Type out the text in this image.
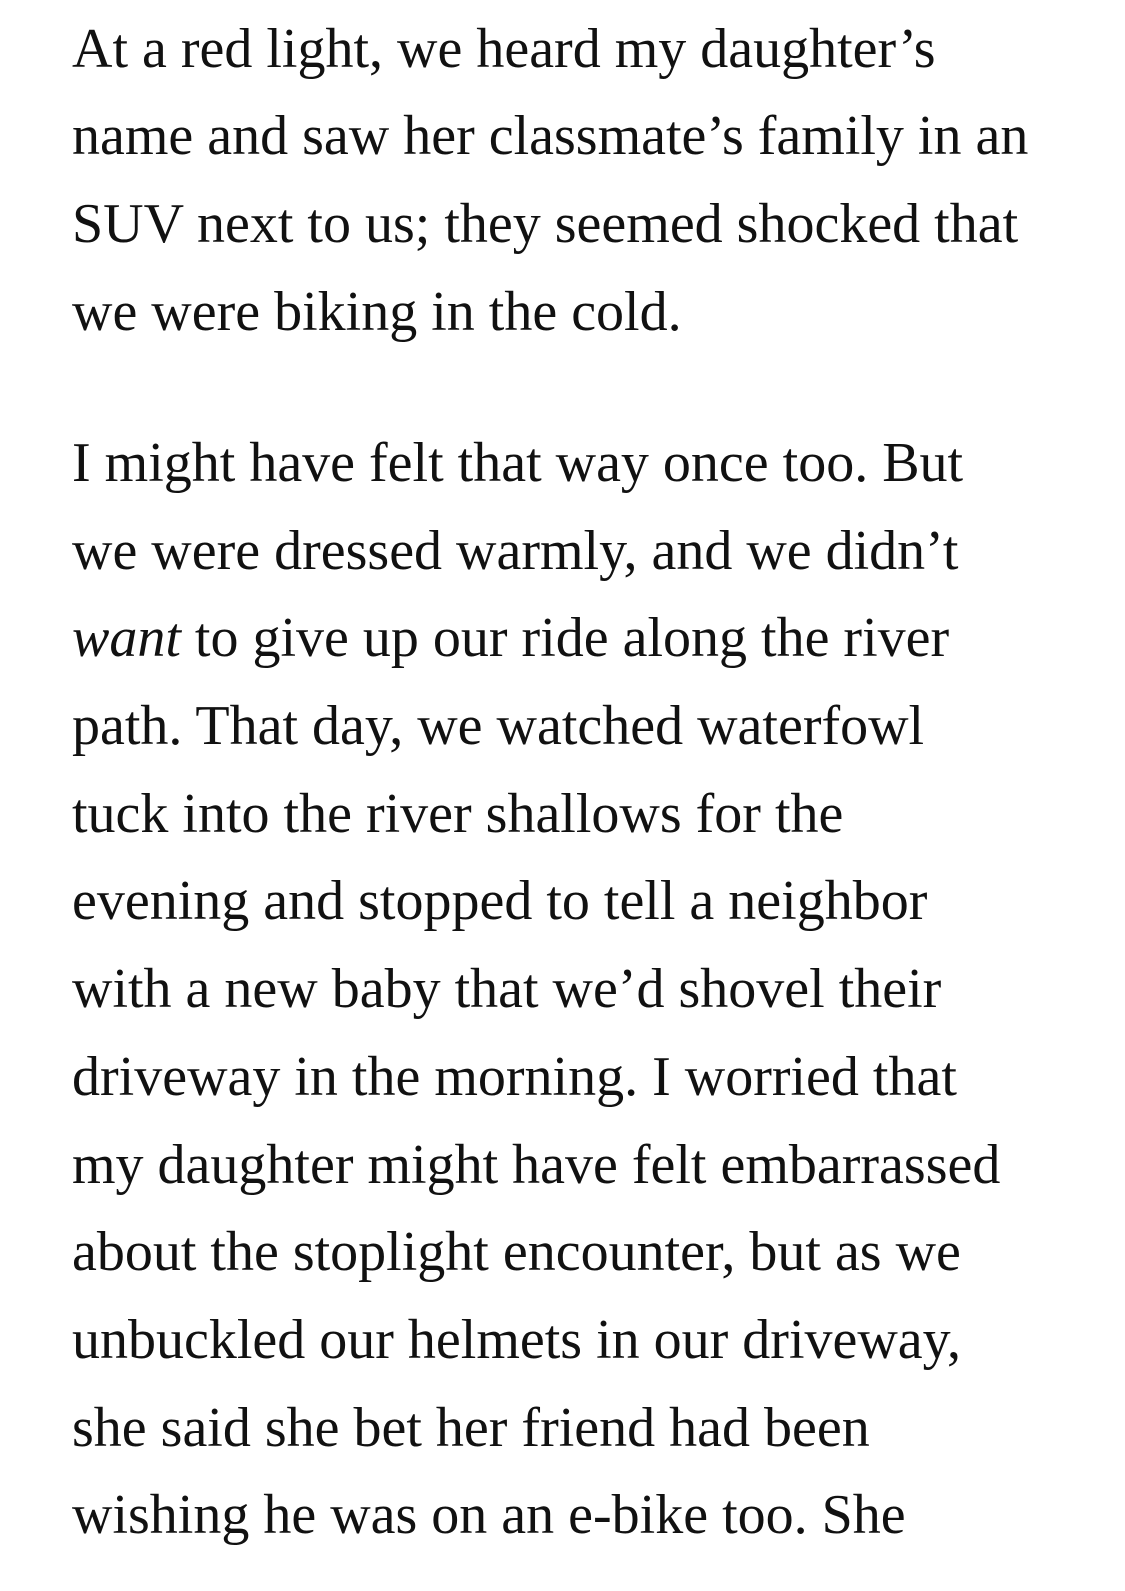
At a red light, we heard my daughter’s
name and saw her classmate’s family in an
SUV next to us; they seemed shocked that
we were biking in the cold.
I might have felt that way once too. But
we were dressed warmly, and we didn’t
want to give up our ride along the river
path. That day, we watched waterfowl
tuck into the river shallows for the
evening and stopped to tell a neighbor
with a new baby that we’d shovel their
driveway in the morning. I worried that
my daughter might have felt embarrassed
about the stoplight encounter, but as we
unbuckled our helmets in our driveway,
she said she bet her friend had been
wishing he was on an e-bike too. She
